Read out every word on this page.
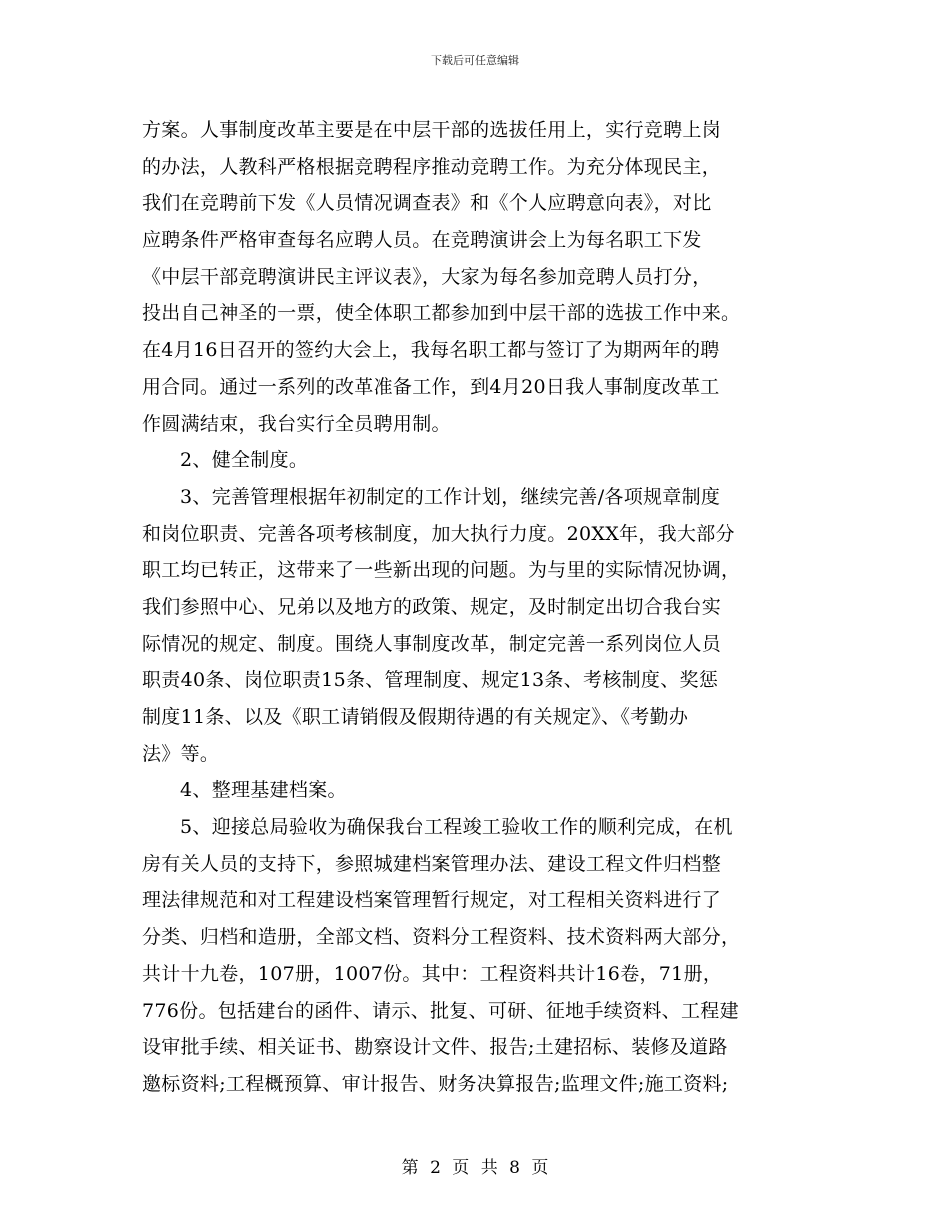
下载后可任意编辑
方案。人事制度改革主要是在中层干部的选拔任用上，实行竞聘上岗
的办法，人教科严格根据竞聘程序推动竞聘工作。为充分体现民主，
我们在竞聘前下发《人员情况调查表》和《个人应聘意向表》，对比
应聘条件严格审查每名应聘人员。在竞聘演讲会上为每名职工下发
《中层干部竞聘演讲民主评议表》，大家为每名参加竞聘人员打分，
投出自己神圣的一票，使全体职工都参加到中层干部的选拔工作中来。
在4月16日召开的签约大会上，我每名职工都与签订了为期两年的聘
用合同。通过一系列的改革准备工作，到4月20日我人事制度改革工
作圆满结束，我台实行全员聘用制。
2、健全制度。
3、完善管理根据年初制定的工作计划，继续完善/各项规章制度
和岗位职责、完善各项考核制度，加大执行力度。20XX年，我大部分
职工均已转正，这带来了一些新出现的问题。为与里的实际情况协调，
我们参照中心、兄弟以及地方的政策、规定，及时制定出切合我台实
际情况的规定、制度。围绕人事制度改革，制定完善一系列岗位人员
职责40条、岗位职责15条、管理制度、规定13条、考核制度、奖惩
制度11条、以及《职工请销假及假期待遇的有关规定》、《考勤办
法》等。
4、整理基建档案。
5、迎接总局验收为确保我台工程竣工验收工作的顺利完成，在机
房有关人员的支持下，参照城建档案管理办法、建设工程文件归档整
理法律规范和对工程建设档案管理暂行规定，对工程相关资料进行了
分类、归档和造册，全部文档、资料分工程资料、技术资料两大部分，
共计十九卷，107册，1007份。其中：工程资料共计16卷，71册，
776份。包括建台的函件、请示、批复、可研、征地手续资料、工程建
设审批手续、相关证书、勘察设计文件、报告;土建招标、装修及道路
邀标资料;工程概预算、审计报告、财务决算报告;监理文件;施工资料;
第 2 页 共 8 页
